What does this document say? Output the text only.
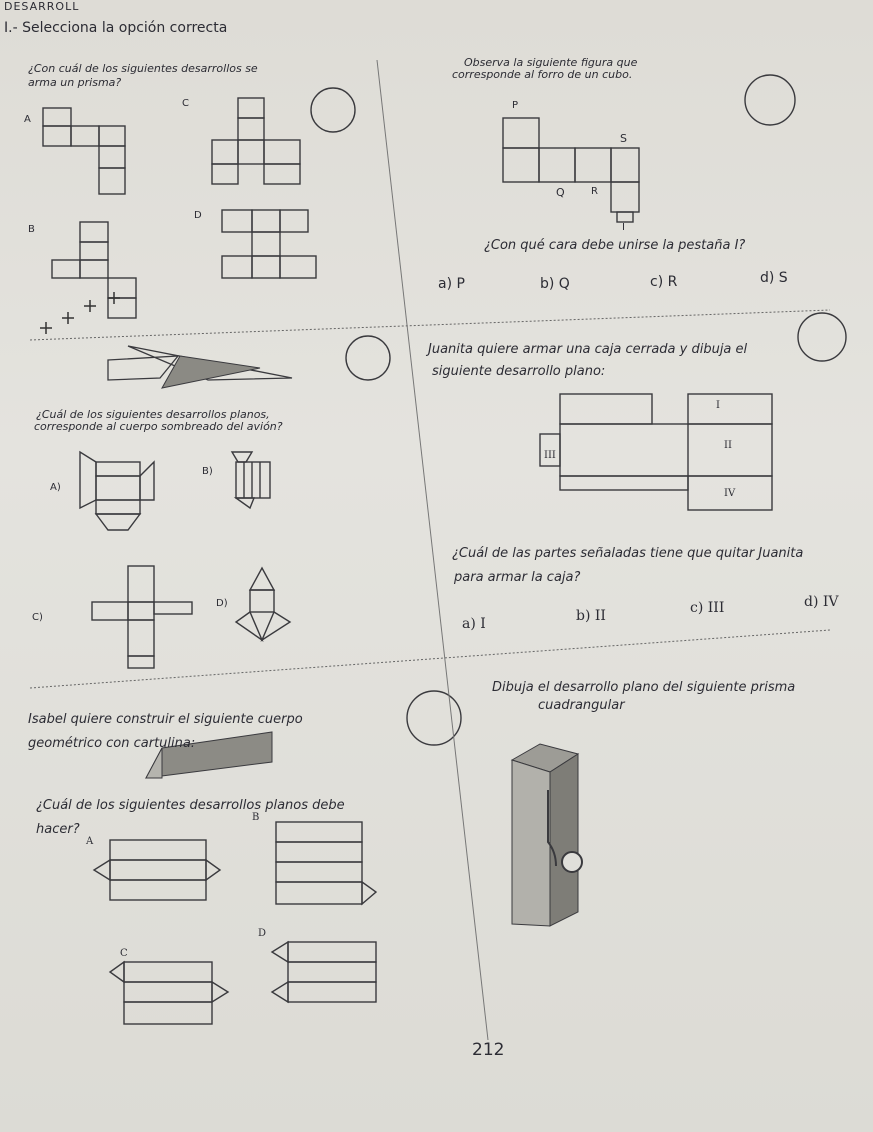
DESARROLL
I.- Selecciona la opción correcta
¿Con cuál de los siguientes desarrollos se
arma un prisma?
A
C
B
D
Observa la siguiente figura que
corresponde al forro de un cubo.
P
S
Q	R
I
¿Con qué cara debe unirse la pestaña I?
a) P	b) Q	c) R	d) S
¿Cuál de los siguientes desarrollos planos,
corresponde al cuerpo sombreado del avión?
A)
B)
C)
D)
Juanita quiere armar una caja cerrada y dibuja el
siguiente desarrollo plano:
I
II
III
IV
¿Cuál de las partes señaladas tiene que quitar Juanita
para armar la caja?
a) I	b) II	c) III	d) IV
Isabel quiere construir el siguiente cuerpo
geométrico con cartulina:
¿Cuál de los siguientes desarrollos planos debe
hacer?
A
B
C
D
Dibuja el desarrollo plano del siguiente prisma
cuadrangular
212
